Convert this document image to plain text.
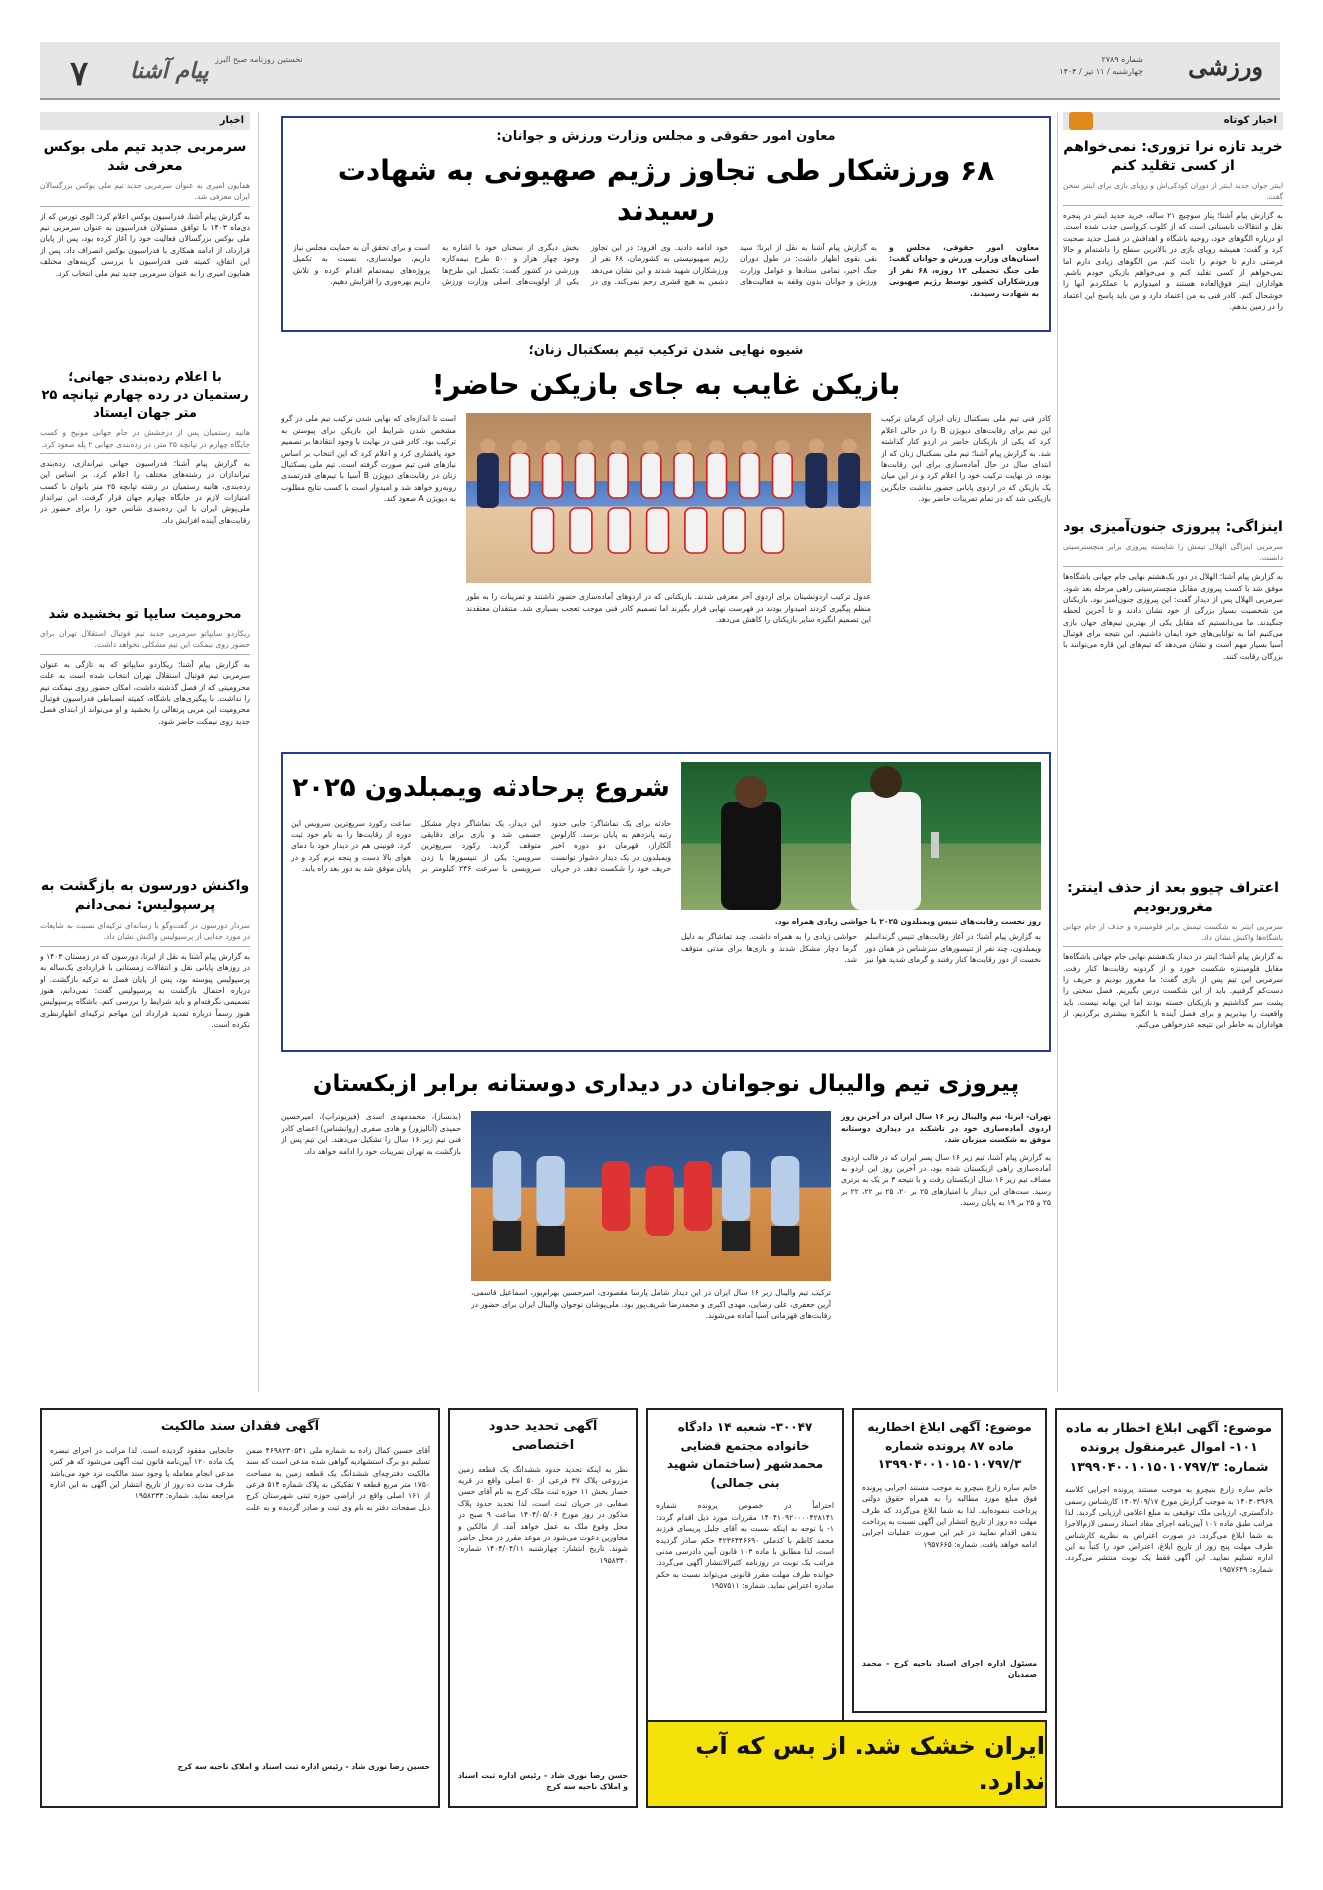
ورزشی
شماره ۲۷۸۹
چهارشنبه / ۱۱ تیر / ۱۴۰۴
۷ پیام آشنا نخستین روزنامه صبح البرز
اخبار کوتاه
خرید تازه نرا تزوری: نمی‌خواهم از کسی تقلید کنم
اینتر جوان جدید اینتر از دوران کودکی‌اش و رویای بازی برای اینتر سخن گفت.
به گزارش پیام آشنا؛ پتار سوچیچ ۲۱ ساله، خرید جدید اینتر در پنجره نقل و انتقالات تابستانی است که از کلوب کرواسی جذب شده است. او درباره الگوهای خود، روحیه باشگاه و اهدافش در فصل جدید صحبت کرد و گفت: همیشه رویای بازی در بالاترین سطح را داشته‌ام و حالا فرصتی دارم تا خودم را ثابت کنم. من الگوهای زیادی دارم اما نمی‌خواهم از کسی تقلید کنم و می‌خواهم بازیکن خودم باشم. هواداران اینتر فوق‌العاده هستند و امیدوارم با عملکردم آنها را خوشحال کنم. کادر فنی به من اعتماد دارد و من باید پاسخ این اعتماد را در زمین بدهم.
اینزاگی: پیروزی جنون‌آمیزی بود
سرمربی اینزاگی الهلال تیمش را شایسته پیروزی برابر منچسترسیتی دانست.
به گزارش پیام آشنا؛ الهلال در دور یک‌هشتم نهایی جام جهانی باشگاه‌ها موفق شد با کسب پیروزی مقابل منچسترسیتی راهی مرحله بعد شود. سرمربی الهلال پس از دیدار گفت: این پیروزی جنون‌آمیز بود. بازیکنان من شخصیت بسیار بزرگی از خود نشان دادند و تا آخرین لحظه جنگیدند. ما می‌دانستیم که مقابل یکی از بهترین تیم‌های جهان بازی می‌کنیم اما به توانایی‌های خود ایمان داشتیم. این نتیجه برای فوتبال آسیا بسیار مهم است و نشان می‌دهد که تیم‌های این قاره می‌توانند با بزرگان رقابت کنند.
اعتراف چیوو بعد از حذف اینتر: مغروربودیم
سرمربی اینتر به شکست تیمش برابر فلومیننزه و حذف از جام جهانی باشگاه‌ها واکنش نشان داد.
به گزارش پیام آشنا؛ اینتر در دیدار یک‌هشتم نهایی جام جهانی باشگاه‌ها مقابل فلومیننزه شکست خورد و از گردونه رقابت‌ها کنار رفت. سرمربی این تیم پس از بازی گفت: ما مغرور بودیم و حریف را دست‌کم گرفتیم. باید از این شکست درس بگیریم. فصل سختی را پشت سر گذاشتیم و بازیکنان خسته بودند اما این بهانه نیست. باید واقعیت را بپذیریم و برای فصل آینده با انگیزه بیشتری برگردیم. از هواداران به خاطر این نتیجه عذرخواهی می‌کنم.
معاون امور حقوقی و مجلس وزارت ورزش و جوانان:
۶۸ ورزشکار طی تجاوز رژیم صهیونی به شهادت رسیدند
معاون امور حقوقی، مجلس و استان‌های وزارت ورزش و جوانان گفت: طی جنگ تحمیلی ۱۲ روزه، ۶۸ نفر از ورزشکاران کشور توسط رژیم صهیونی به شهادت رسیدند.
به گزارش پیام آشنا به نقل از ایرنا؛ سید نقی نقوی اظهار داشت: در طول دوران جنگ اخیر، تمامی ستادها و عوامل وزارت ورزش و جوانان بدون وقفه به فعالیت‌های خود ادامه دادند. وی افزود: در این تجاوز رژیم صهیونیستی به کشورمان، ۶۸ نفر از ورزشکاران شهید شدند و این نشان می‌دهد دشمن به هیچ قشری رحم نمی‌کند. وی در بخش دیگری از سخنان خود با اشاره به وجود چهار هزار و ۵۰۰ طرح نیمه‌کاره ورزشی در کشور گفت: تکمیل این طرح‌ها یکی از اولویت‌های اصلی وزارت ورزش است و برای تحقق آن به حمایت مجلس نیاز داریم. مولدسازی، نسبت به تکمیل پروژه‌های نیمه‌تمام اقدام کرده و تلاش داریم بهره‌وری را افزایش دهیم.
شیوه نهایی شدن ترکیب تیم بسکتبال زنان؛
بازیکن غایب به جای بازیکن حاضر!
کادر فنی تیم ملی بسکتبال زنان ایران کرمان ترکیب این تیم برای رقابت‌های دیویژن B را در حالی اعلام کرد که یکی از بازیکنان حاضر در اردو کنار گذاشته شد. به گزارش پیام آشنا؛ تیم ملی بسکتبال زنان که از ابتدای سال در حال آماده‌سازی برای این رقابت‌ها بوده، در نهایت ترکیب خود را اعلام کرد و در این میان یک بازیکن که در اردوی پایانی حضور نداشت جایگزین بازیکنی شد که در تمام تمرینات حاضر بود.
عدول ترکیب اردونشینان برای اردوی آخر معرفی شدند. بازیکنانی که در اردوهای آماده‌سازی حضور داشتند و تمرینات را به طور منظم پیگیری کردند امیدوار بودند در فهرست نهایی قرار بگیرند اما تصمیم کادر فنی موجب تعجب بسیاری شد. منتقدان معتقدند این تصمیم انگیزه سایر بازیکنان را کاهش می‌دهد.
است تا اندازه‌ای که نهایی شدن ترکیب تیم ملی در گرو مشخص شدن شرایط این بازیکن برای پیوستن به ترکیب بود. کادر فنی در نهایت با وجود انتقادها بر تصمیم خود پافشاری کرد و اعلام کرد که این انتخاب بر اساس نیازهای فنی تیم صورت گرفته است. تیم ملی بسکتبال زنان در رقابت‌های دیویژن B آسیا با تیم‌های قدرتمندی روبه‌رو خواهد شد و امیدوار است با کسب نتایج مطلوب به دیویژن A صعود کند.
روز نخست رقابت‌های تنیس ویمبلدون ۲۰۲۵ با حواشی زیادی همراه بود.
به گزارش پیام آشنا؛ در آغاز رقابت‌های تنیس گرنداسلم ویمبلدون، چند نفر از تنیسورهای سرشناس در همان دور نخست از دور رقابت‌ها کنار رفتند و گرمای شدید هوا نیز حواشی زیادی را به همراه داشت. چند تماشاگر به دلیل گرما دچار مشکل شدند و بازی‌ها برای مدتی متوقف شد.
شروع پرحادثه ویمبلدون ۲۰۲۵
حادثه برای یک تماشاگر: جابی حدود رتبه پانزدهم به پایان برسد. کارلوس آلکاراز، قهرمان دو دوره اخیر ویمبلدون در یک دیدار دشوار توانست حریف خود را شکست دهد. در جریان این دیدار، یک تماشاگر دچار مشکل جسمی شد و بازی برای دقایقی متوقف گردید. رکورد سریع‌ترین سرویس: یکی از تنیسورها با زدن سرویسی با سرعت ۲۴۶ کیلومتر بر ساعت رکورد سریع‌ترین سرویس این دوره از رقابت‌ها را به نام خود ثبت کرد. فونینی هم در دیدار خود با دمای هوای بالا دست و پنجه نرم کرد و در پایان موفق شد به دور بعد راه یابد.
پیروزی تیم والیبال نوجوانان در دیداری دوستانه برابر ازبکستان
تهران- ایرنا- تیم والیبال زیر ۱۶ سال ایران در آخرین روز اردوی آماده‌سازی خود در تاشکند در دیداری دوستانه موفق به شکست میزبان شد.
به گزارش پیام آشنا، تیم زیر ۱۶ سال پسر ایران که در قالب اردوی آماده‌سازی راهی ازبکستان شده بود، در آخرین روز این اردو به مصاف تیم زیر ۱۶ سال ازبکستان رفت و با نتیجه ۳ بر یک به برتری رسید. ست‌های این دیدار با امتیازهای ۲۵ بر ۲۰، ۲۵ بر ۲۲، ۲۲ بر ۲۵ و ۲۵ بر ۱۹ به پایان رسید.
ترکیب تیم والیبال زیر ۱۶ سال ایران در این دیدار شامل پارسا مقصودی، امیرحسین بهرام‌پور، اسماعیل قاسمی، آرین جعفری، علی رضایی، مهدی اکبری و محمدرضا شریف‌پور بود. ملی‌پوشان نوجوان والیبال ایران برای حضور در رقابت‌های قهرمانی آسیا آماده می‌شوند.
(بدنساز)، محمدمهدی اسدی (فیزیوتراپ)، امیرحسین حمیدی (آنالیزور) و هادی صفری (روانشناس) اعضای کادر فنی تیم زیر ۱۶ سال را تشکیل می‌دهند. این تیم پس از بازگشت به تهران تمرینات خود را ادامه خواهد داد.
اخبار
سرمربی جدید تیم ملی بوکس معرفی شد
همایون امیری به عنوان سرمربی جدید تیم ملی بوکس بزرگسالان ایران معرفی شد.
به گزارش پیام آشنا، فدراسیون بوکس اعلام کرد: الوی تورس که از دی‌ماه ۱۴۰۳ با توافق مسئولان فدراسیون به عنوان سرمربی تیم ملی بوکس بزرگسالان فعالیت خود را آغاز کرده بود، پس از پایان قرارداد، از ادامه همکاری با فدراسیون بوکس انصراف داد. پس از این اتفاق، کمیته فنی فدراسیون با بررسی گزینه‌های مختلف همایون امیری را به عنوان سرمربی جدید تیم ملی انتخاب کرد.
با اعلام رده‌بندی جهانی؛ رستمیان در رده چهارم تپانچه ۲۵ متر جهان ایستاد
هانیه رستمیان پس از درخشش در جام جهانی مونیخ و کسب جایگاه چهارم در تپانچه ۲۵ متر، در رده‌بندی جهانی ۲ پله صعود کرد.
به گزارش پیام آشنا؛ فدراسیون جهانی تیراندازی، رده‌بندی تیراندازان در رشته‌های مختلف را اعلام کرد. بر اساس این رده‌بندی، هانیه رستمیان در رشته تپانچه ۲۵ متر بانوان با کسب امتیازات لازم در جایگاه چهارم جهان قرار گرفت. این تیرانداز ملی‌پوش ایران با این رده‌بندی شانس خود را برای حضور در رقابت‌های آینده افزایش داد.
محرومیت سایپا تو بخشیده شد
ریکاردو سایپاتو سرمربی جدید تیم فوتبال استقلال تهران برای حضور روی نیمکت این تیم مشکلی نخواهد داشت.
به گزارش پیام آشنا؛ ریکاردو سایپاتو که به تازگی به عنوان سرمربی تیم فوتبال استقلال تهران انتخاب شده است به علت محرومیتی که از فصل گذشته داشت، امکان حضور روی نیمکت تیم را نداشت. با پیگیری‌های باشگاه، کمیته انضباطی فدراسیون فوتبال محرومیت این مربی پرتغالی را بخشید و او می‌تواند از ابتدای فصل جدید روی نیمکت حاضر شود.
واکنش دورسون به بازگشت به پرسپولیس: نمی‌دانم
سردار دورسون در گفت‌وگو با رسانه‌ای ترکیه‌ای نسبت به شایعات در مورد جدایی از پرسپولیس واکنش نشان داد.
به گزارش پیام آشنا به نقل از ایرنا، دورسون که در زمستان ۱۴۰۳ و در روزهای پایانی نقل و انتقالات زمستانی با قراردادی یک‌ساله به پرسپولیس پیوسته بود، پس از پایان فصل به ترکیه بازگشت. او درباره احتمال بازگشت به پرسپولیس گفت: نمی‌دانم، هنوز تصمیمی نگرفته‌ام و باید شرایط را بررسی کنم. باشگاه پرسپولیس هنوز رسماً درباره تمدید قرارداد این مهاجم ترکیه‌ای اظهارنظری نکرده است.
موضوع: آگهی ابلاغ اخطار به ماده ۱۰۱- اموال غیرمنقول پرونده شماره: ۱۳۹۹۰۴۰۰۱۰۱۵۰۱۰۷۹۷/۳
خانم ساره زارع بنیچرو به موجب مستند پرونده اجرایی کلاسه ۱۴۰۳۰۳۹۶۹ به موجب گزارش مورخ ۱۴۰۳/۰۹/۱۷ کارشناس رسمی دادگستری، ارزیابی ملک توقیفی به مبلغ اعلامی ارزیابی گردید. لذا مراتب طبق ماده ۱۰۱ آیین‌نامه اجرای مفاد اسناد رسمی لازم‌الاجرا به شما ابلاغ می‌گردد. در صورت اعتراض به نظریه کارشناس ظرف مهلت پنج روز از تاریخ ابلاغ، اعتراض خود را کتباً به این اداره تسلیم نمایید. این آگهی فقط یک نوبت منتشر می‌گردد. شماره: ۱۹۵۷۶۴۹
موضوع: آگهی ابلاغ اخطاریه ماده ۸۷ پرونده شماره ۱۳۹۹۰۴۰۰۱۰۱۵۰۱۰۷۹۷/۳
خانم ساره زارع بنیچرو به موجب مستند اجرایی پرونده فوق مبلغ مورد مطالبه را به همراه حقوق دولتی پرداخت ننموده‌اید. لذا به شما ابلاغ می‌گردد که ظرف مهلت ده روز از تاریخ انتشار این آگهی نسبت به پرداخت بدهی اقدام نمایید در غیر این صورت عملیات اجرایی ادامه خواهد یافت. شماره: ۱۹۵۷۶۶۵
مسئول اداره اجرای اسناد ناحیه کرج - محمد صمدیان
۳۰۰۴۷- شعبه ۱۴ دادگاه خانواده مجتمع قضایی محمدشهر (ساختمان شهید بنی جمالی)
احتراماً در خصوص پرونده شماره ۱۴۰۴۱۰۹۲۰۰۰۰۴۲۸۱۴۱ مقررات مورد ذیل اقدام گردد: ۱- با توجه به اینکه نسبت به آقای جلیل پریسای فرزند محمد کاظم با کدملی ۴۲۳۶۴۴۶۶۹۰ حکم صادر گردیده است، لذا مطابق با ماده ۱۰۳ قانون آیین دادرسی مدنی مراتب یک نوبت در روزنامه کثیرالانتشار آگهی می‌گردد. خوانده ظرف مهلت مقرر قانونی می‌تواند نسبت به حکم صادره اعتراض نماید. شماره: ۱۹۵۷۵۱۱
آگهی تحدید حدود اختصاصی
نظر به اینکه تحدید حدود ششدانگ یک قطعه زمین مزروعی پلاک ۳۷ فرعی از ۵۰ اصلی واقع در قریه حصار بخش ۱۱ حوزه ثبت ملک کرج به نام آقای حسن صفایی در جریان ثبت است، لذا تحدید حدود پلاک مذکور در روز مورخ ۱۴۰۴/۰۵/۰۶ ساعت ۹ صبح در محل وقوع ملک به عمل خواهد آمد. از مالکین و مجاورین دعوت می‌شود در موعد مقرر در محل حاضر شوند. تاریخ انتشار: چهارشنبه ۱۴۰۴/۰۴/۱۱ شماره: ۱۹۵۸۳۴۰
حسن رضا نوری شاد - رئیس اداره ثبت اسناد و املاک ناحیه سه کرج
آگهی فقدان سند مالکیت
آقای حسین کمال زاده به شماره ملی ۴۶۹۸۲۳۰۵۴۱ ضمن تسلیم دو برگ استشهادیه گواهی شده مدعی است که سند مالکیت دفترچه‌ای ششدانگ یک قطعه زمین به مساحت ۱۷۵۰ متر مربع قطعه ۷ تفکیکی به پلاک شماره ۵۱۴ فرعی از ۱۶۱ اصلی واقع در اراضی حوزه ثبتی شهرستان کرج ذیل صفحات دفتر به نام وی ثبت و صادر گردیده و به علت جابجایی مفقود گردیده است. لذا مراتب در اجرای تبصره یک ماده ۱۲۰ آیین‌نامه قانون ثبت آگهی می‌شود که هر کس مدعی انجام معامله یا وجود سند مالکیت نزد خود می‌باشد ظرف مدت ده روز از تاریخ انتشار این آگهی به این اداره مراجعه نماید. شماره: ۱۹۵۸۲۳۳
حسین رضا نوری شاد - رئیس اداره ثبت اسناد و املاک ناحیه سه کرج
ایران خشک شد. از بس که آب ندارد.
